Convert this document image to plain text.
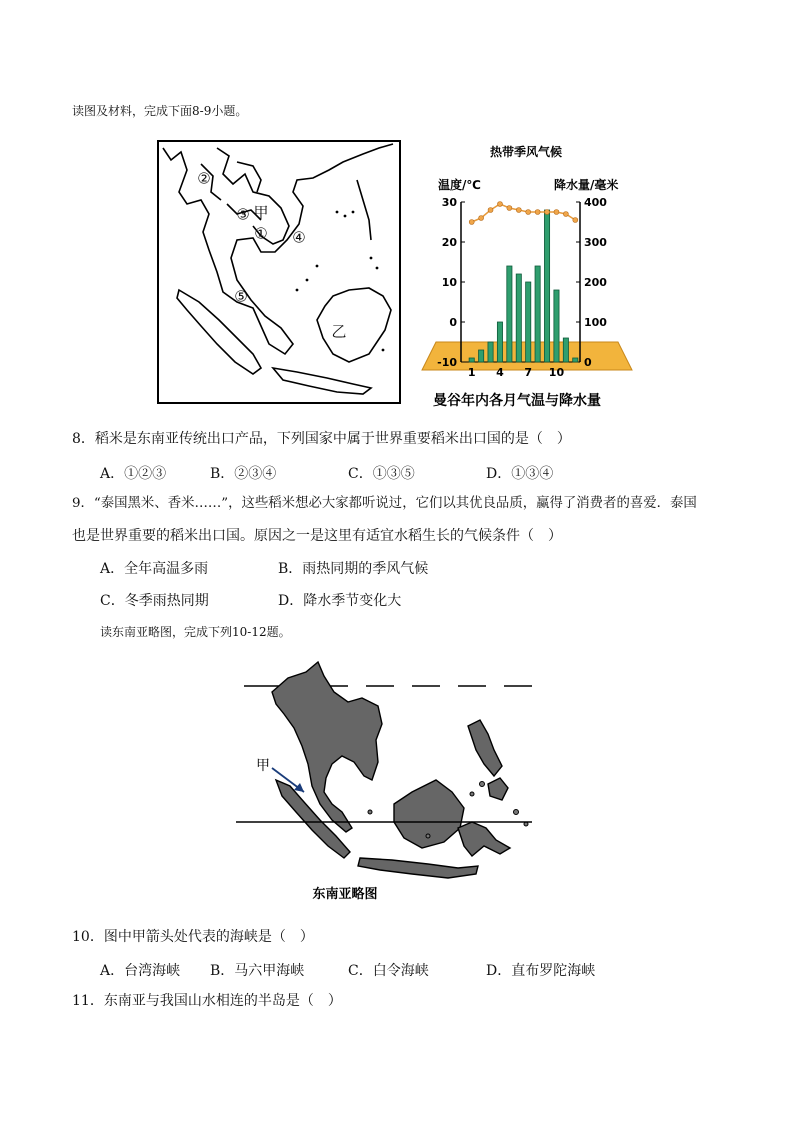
读图及材料，完成下面8-9小题。
②
③ 甲
① ④
⑤
乙
热带季风气候
温度/℃	降水量/毫米
-10
0
10
20
30
0
100
200
300
400
1 4 7 10
曼谷年内各月气温与降水量
8．稻米是东南亚传统出口产品，下列国家中属于世界重要稻米出口国的是（　）
A．①②③	B．②③④	C．①③⑤	D．①③④
9．“泰国黑米、香米……”，这些稻米想必大家都听说过，它们以其优良品质，赢得了消费者的喜爱．泰国
也是世界重要的稻米出口国。原因之一是这里有适宜水稻生长的气候条件（　）
A．全年高温多雨	B．雨热同期的季风气候
C．冬季雨热同期	D．降水季节变化大
读东南亚略图，完成下列10-12题。
甲
东南亚略图
10．图中甲箭头处代表的海峡是（　）
A．台湾海峡 B．马六甲海峡	C．白令海峡	D．直布罗陀海峡
11．东南亚与我国山水相连的半岛是（　）
